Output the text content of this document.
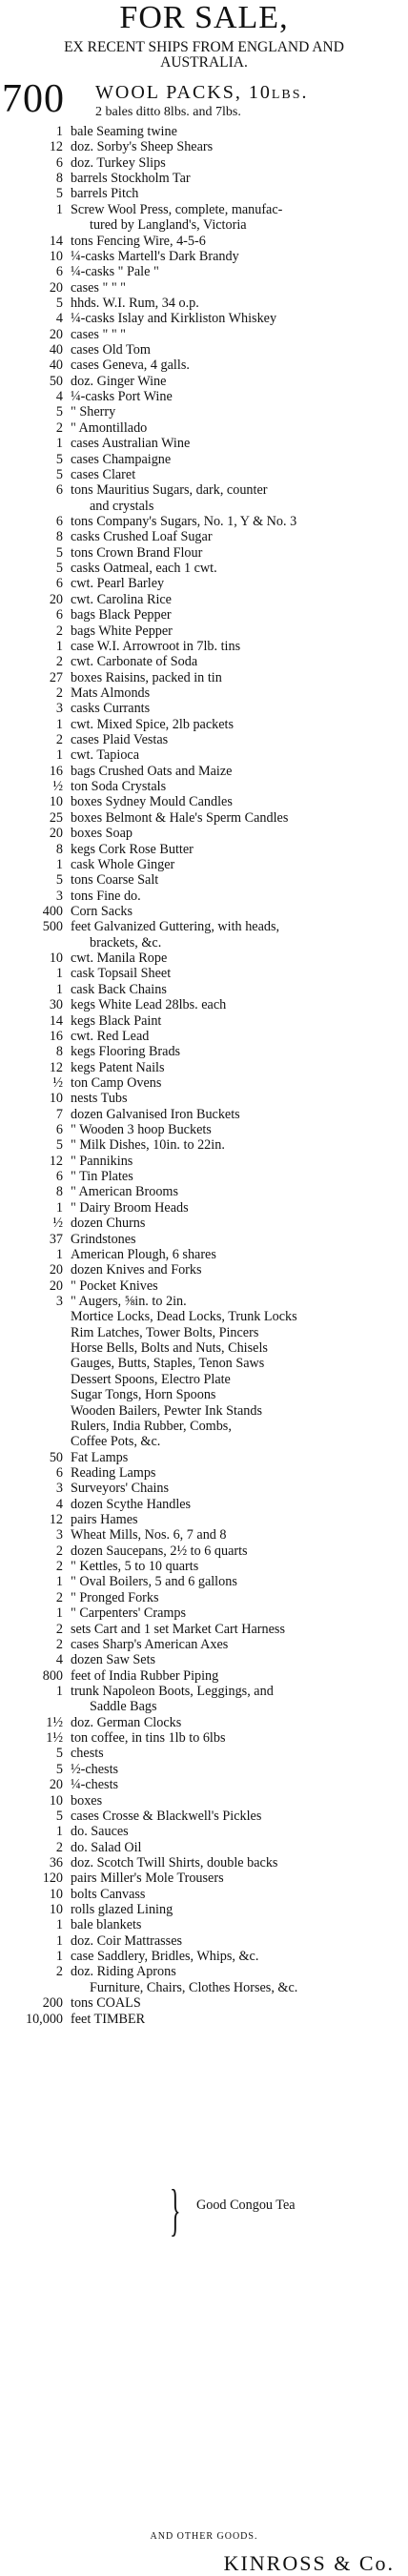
FOR SALE,
EX RECENT SHIPS FROM ENGLAND AND
AUSTRALIA.
700 WOOL PACKS, 10lbs.
2 bales ditto 8lbs. and 7lbs.
1 bale Seaming twine
12 doz. Sorby's Sheep Shears
6 doz. Turkey Slips
8 barrels Stockholm Tar
5 barrels Pitch
1 Screw Wool Press, complete, manufac-
tured by Langland's, Victoria
14 tons Fencing Wire, 4-5-6
10 ¼-casks Martell's Dark Brandy
6 ¼-casks " Pale "
20 cases " " "
5 hhds. W.I. Rum, 34 o.p.
4 ¼-casks Islay and Kirkliston Whiskey
20 cases " " "
40 cases Old Tom
40 cases Geneva, 4 galls.
50 doz. Ginger Wine
4 ¼-casks Port Wine
5 " Sherry
2 " Amontillado
1 cases Australian Wine
5 cases Champaigne
5 cases Claret
6 tons Mauritius Sugars, dark, counter
and crystals
6 tons Company's Sugars, No. 1, Y & No. 3
8 casks Crushed Loaf Sugar
5 tons Crown Brand Flour
5 casks Oatmeal, each 1 cwt.
6 cwt. Pearl Barley
20 cwt. Carolina Rice
6 bags Black Pepper
2 bags White Pepper
1 case W.I. Arrowroot in 7lb. tins
2 cwt. Carbonate of Soda
27 boxes Raisins, packed in tin
2 Mats Almonds
3 casks Currants
1 cwt. Mixed Spice, 2lb packets
2 cases Plaid Vestas
1 cwt. Tapioca
16 bags Crushed Oats and Maize
½ ton Soda Crystals
10 boxes Sydney Mould Candles
25 boxes Belmont & Hale's Sperm Candles
20 boxes Soap
8 kegs Cork Rose Butter
1 cask Whole Ginger
5 tons Coarse Salt
3 tons Fine do.
400 Corn Sacks
500 feet Galvanized Guttering, with heads,
brackets, &c.
10 cwt. Manila Rope
1 cask Topsail Sheet
1 cask Back Chains
30 kegs White Lead 28lbs. each
14 kegs Black Paint
16 cwt. Red Lead
8 kegs Flooring Brads
12 kegs Patent Nails
½ ton Camp Ovens
10 nests Tubs
7 dozen Galvanised Iron Buckets
6 " Wooden 3 hoop Buckets
5 " Milk Dishes, 10in. to 22in.
12 " Pannikins
6 " Tin Plates
8 " American Brooms
1 " Dairy Broom Heads
½ dozen Churns
37 Grindstones
1 American Plough, 6 shares
20 dozen Knives and Forks
20 " Pocket Knives
3 " Augers, ⅝in. to 2in.
Mortice Locks, Dead Locks, Trunk Locks
Rim Latches, Tower Bolts, Pincers
Horse Bells, Bolts and Nuts, Chisels
Gauges, Butts, Staples, Tenon Saws
Dessert Spoons, Electro Plate
Sugar Tongs, Horn Spoons
Wooden Bailers, Pewter Ink Stands
Rulers, India Rubber, Combs,
Coffee Pots, &c.
50 Fat Lamps
6 Reading Lamps
3 Surveyors' Chains
4 dozen Scythe Handles
12 pairs Hames
3 Wheat Mills, Nos. 6, 7 and 8
2 dozen Saucepans, 2½ to 6 quarts
2 " Kettles, 5 to 10 quarts
1 " Oval Boilers, 5 and 6 gallons
2 " Pronged Forks
1 " Carpenters' Cramps
2 sets Cart and 1 set Market Cart Harness
2 cases Sharp's American Axes
4 dozen Saw Sets
800 feet of India Rubber Piping
1 trunk Napoleon Boots, Leggings, and
Saddle Bags
1½ doz. German Clocks
1½ ton coffee, in tins 1lb to 6lbs
5 chests
5 ½-chests
20 ¼-chests
10 boxes
5 cases Crosse & Blackwell's Pickles
1 do. Sauces
2 do. Salad Oil
36 doz. Scotch Twill Shirts, double backs
120 pairs Miller's Mole Trousers
10 bolts Canvass
10 rolls glazed Lining
1 bale blankets
1 doz. Coir Mattrasses
1 case Saddlery, Bridles, Whips, &c.
2 doz. Riding Aprons
Furniture, Chairs, Clothes Horses, &c.
200 tons COALS
10,000 feet TIMBER
} Good Congou Tea
AND OTHER GOODS.
KINROSS & Co.
